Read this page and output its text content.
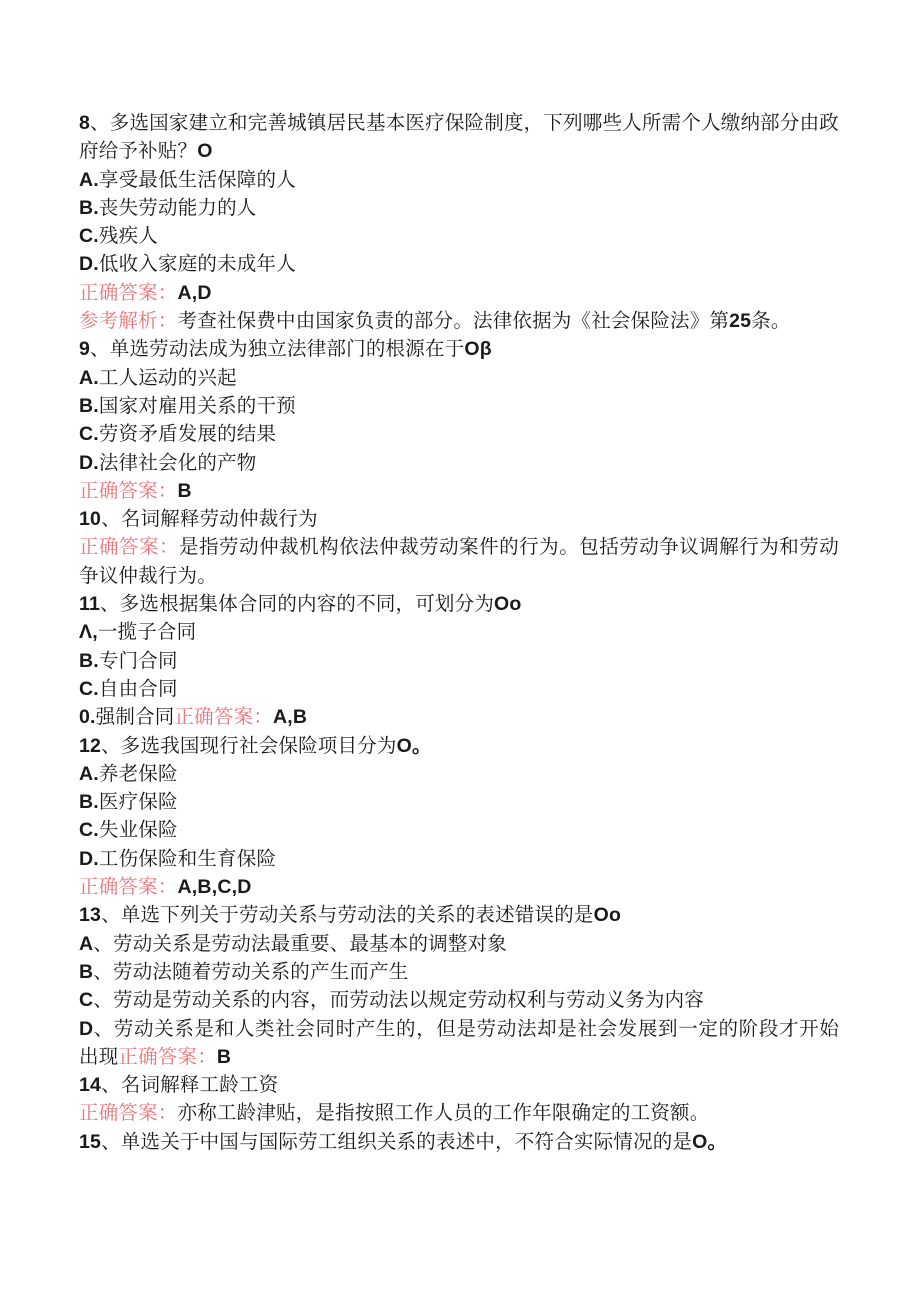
8、多选国家建立和完善城镇居民基本医疗保险制度，下列哪些人所需个人缴纳部分由政府给予补贴？O
A.享受最低生活保障的人
B.丧失劳动能力的人
C.残疾人
D.低收入家庭的未成年人
正确答案：A,D
参考解析：考查社保费中由国家负责的部分。法律依据为《社会保险法》第25条。
9、单选劳动法成为独立法律部门的根源在于Oβ
A.工人运动的兴起
B.国家对雇用关系的干预
C.劳资矛盾发展的结果
D.法律社会化的产物
正确答案：B
10、名词解释劳动仲裁行为
正确答案：是指劳动仲裁机构依法仲裁劳动案件的行为。包括劳动争议调解行为和劳动争议仲裁行为。
11、多选根据集体合同的内容的不同，可划分为Oo
Λ,一揽子合同
B.专门合同
C.自由合同
0.强制合同正确答案：A,B
12、多选我国现行社会保险项目分为O。
A.养老保险
B.医疗保险
C.失业保险
D.工伤保险和生育保险
正确答案：A,B,C,D
13、单选下列关于劳动关系与劳动法的关系的表述错误的是Oo
A、劳动关系是劳动法最重要、最基本的调整对象
B、劳动法随着劳动关系的产生而产生
C、劳动是劳动关系的内容，而劳动法以规定劳动权利与劳动义务为内容
D、劳动关系是和人类社会同时产生的，但是劳动法却是社会发展到一定的阶段才开始出现正确答案：B
14、名词解释工龄工资
正确答案：亦称工龄津贴，是指按照工作人员的工作年限确定的工资额。
15、单选关于中国与国际劳工组织关系的表述中，不符合实际情况的是O。
